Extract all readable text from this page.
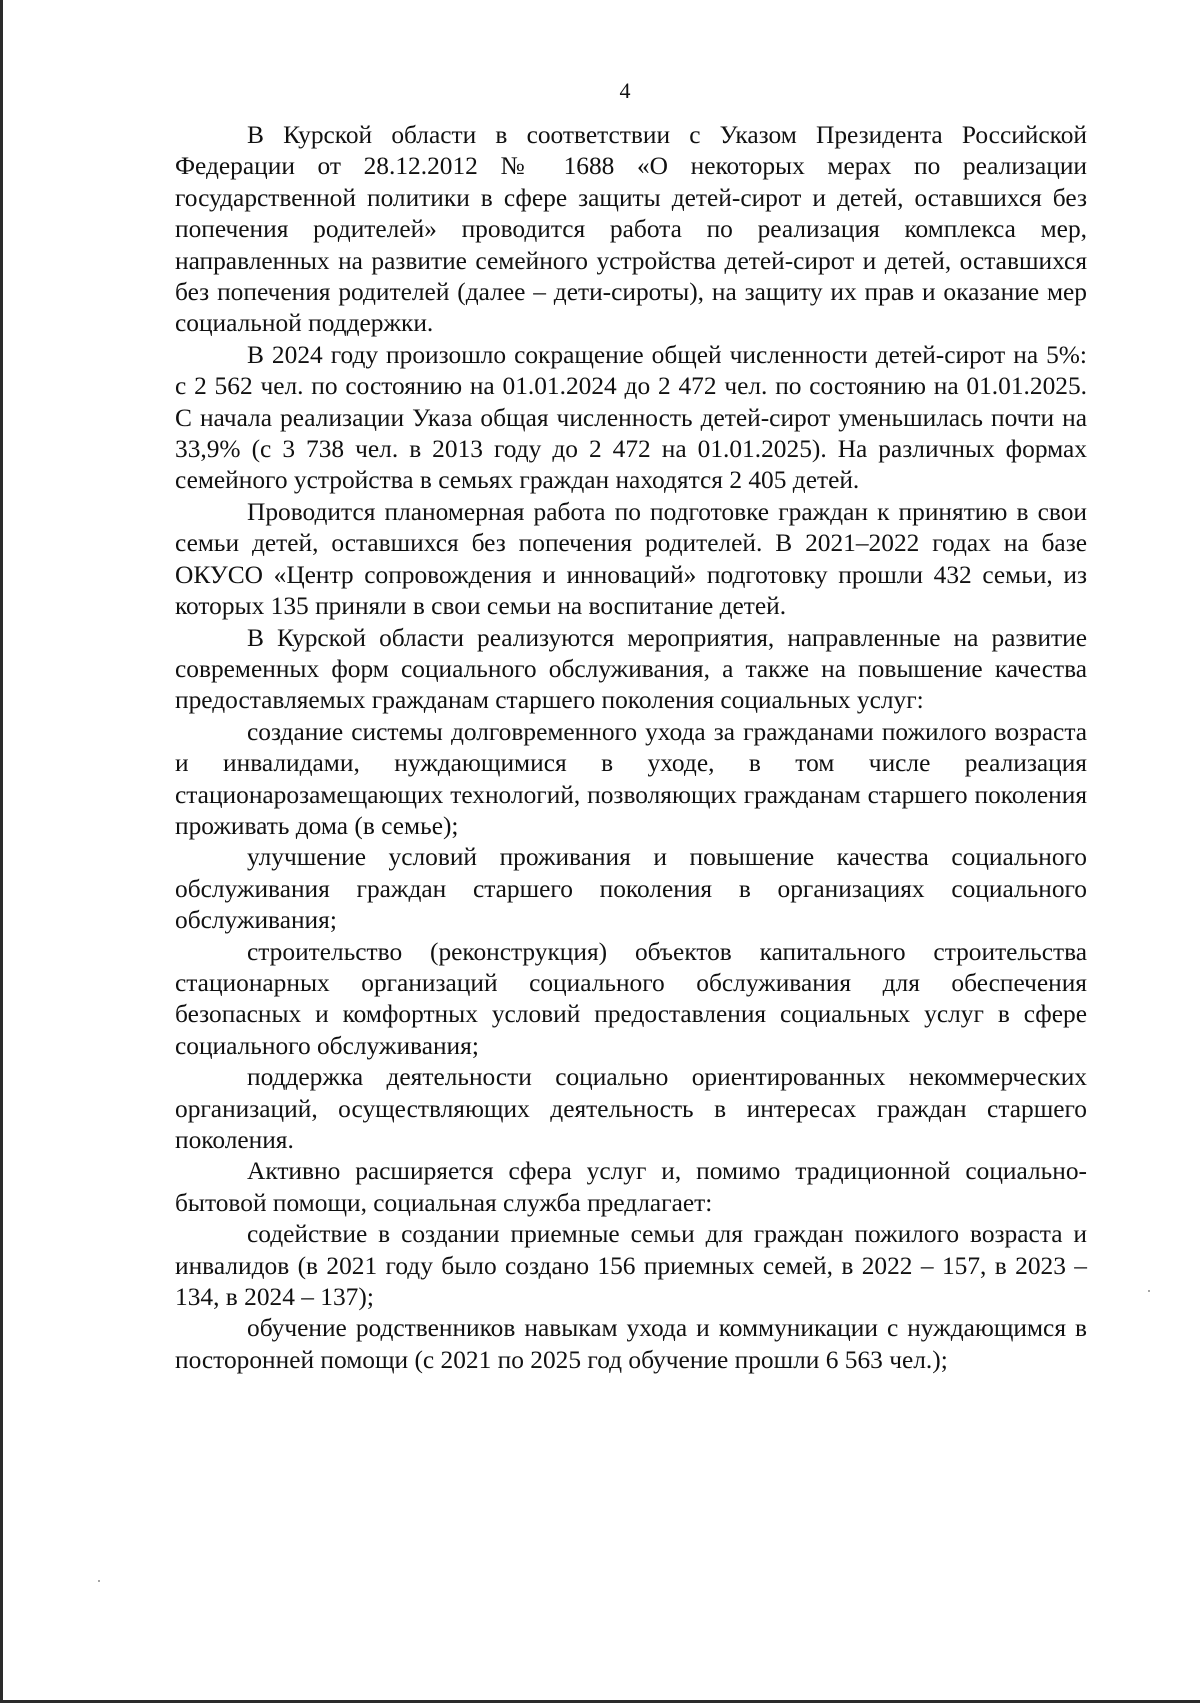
4

В Курской области в соответствии с Указом Президента Российской Федерации от 28.12.2012 № 1688 «О некоторых мерах по реализации государственной политики в сфере защиты детей-сирот и детей, оставшихся без попечения родителей» проводится работа по реализация комплекса мер, направленных на развитие семейного устройства детей-сирот и детей, оставшихся без попечения родителей (далее – дети-сироты), на защиту их прав и оказание мер социальной поддержки.

В 2024 году произошло сокращение общей численности детей-сирот на 5%: с 2 562 чел. по состоянию на 01.01.2024 до 2 472 чел. по состоянию на 01.01.2025. С начала реализации Указа общая численность детей-сирот уменьшилась почти на 33,9% (с 3 738 чел. в 2013 году до 2 472 на 01.01.2025). На различных формах семейного устройства в семьях граждан находятся 2 405 детей.

Проводится планомерная работа по подготовке граждан к принятию в свои семьи детей, оставшихся без попечения родителей. В 2021–2022 годах на базе ОКУСО «Центр сопровождения и инноваций» подготовку прошли 432 семьи, из которых 135 приняли в свои семьи на воспитание детей.

В Курской области реализуются мероприятия, направленные на развитие современных форм социального обслуживания, а также на повышение качества предоставляемых гражданам старшего поколения социальных услуг:

создание системы долговременного ухода за гражданами пожилого возраста и инвалидами, нуждающимися в уходе, в том числе реализация стационарозамещающих технологий, позволяющих гражданам старшего поколения проживать дома (в семье);

улучшение условий проживания и повышение качества социального обслуживания граждан старшего поколения в организациях социального обслуживания;

строительство (реконструкция) объектов капитального строительства стационарных организаций социального обслуживания для обеспечения безопасных и комфортных условий предоставления социальных услуг в сфере социального обслуживания;

поддержка деятельности социально ориентированных некоммерческих организаций, осуществляющих деятельность в интересах граждан старшего поколения.

Активно расширяется сфера услуг и, помимо традиционной социально-бытовой помощи, социальная служба предлагает:

содействие в создании приемные семьи для граждан пожилого возраста и инвалидов (в 2021 году было создано 156 приемных семей, в 2022 – 157, в 2023 – 134, в 2024 – 137);

обучение родственников навыкам ухода и коммуникации с нуждающимся в посторонней помощи (с 2021 по 2025 год обучение прошли 6 563 чел.);
